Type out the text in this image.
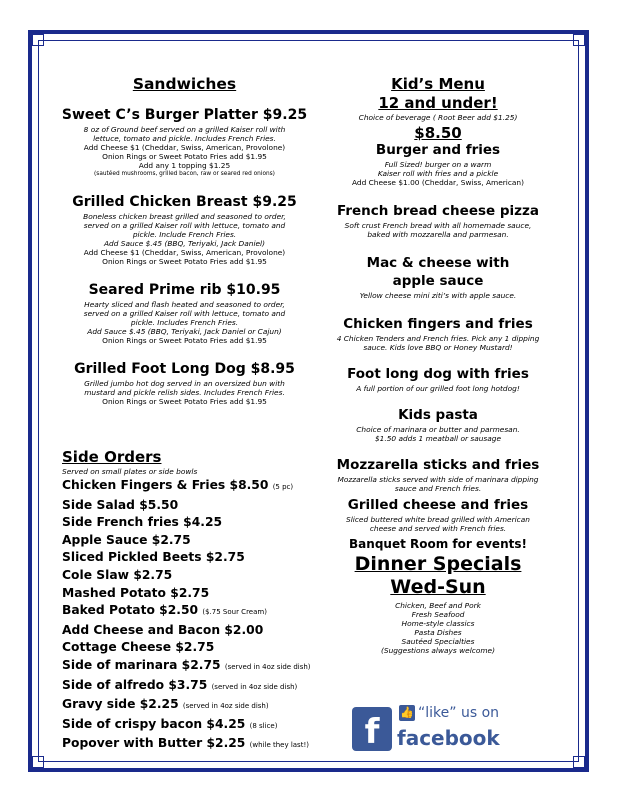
Sandwiches
Sweet C’s Burger Platter $9.25

8 oz of Ground beef served on a grilled Kaiser roll with

lettuce, tomato and pickle. Includes French Fries.

Add Cheese $1 (Cheddar, Swiss, American, Provolone)

Onion Rings or Sweet Potato Fries add $1.95

Add any 1 topping $1.25

(sautéed mushrooms, grilled bacon, raw or seared red onions)

Grilled Chicken Breast $9.25

Boneless chicken breast grilled and seasoned to order,

served on a grilled Kaiser roll with lettuce, tomato and

pickle. Include French Fries.

Add Sauce $.45 (BBQ, Teriyaki, Jack Daniel)

Add Cheese $1 (Cheddar, Swiss, American, Provolone)

Onion Rings or Sweet Potato Fries add $1.95

Seared Prime rib $10.95

Hearty sliced and flash heated and seasoned to order,

served on a grilled Kaiser roll with lettuce, tomato and

pickle. Includes French Fries.

Add Sauce $.45 (BBQ, Teriyaki, Jack Daniel or Cajun)

Onion Rings or Sweet Potato Fries add $1.95

Grilled Foot Long Dog $8.95

Grilled jumbo hot dog served in an oversized bun with

mustard and pickle relish sides. Includes French Fries.

Onion Rings or Sweet Potato Fries add $1.95

Side Orders
Served on small plates or side bowls
Chicken Fingers & Fries $8.50 (5 pc)
Side Salad $5.50
Side French fries $4.25
Apple Sauce $2.75
Sliced Pickled Beets $2.75
Cole Slaw $2.75
Mashed Potato $2.75
Baked Potato $2.50 ($.75 Sour Cream)
Add Cheese and Bacon $2.00
Cottage Cheese $2.75
Side of marinara $2.75 (served in 4oz side dish)
Side of alfredo $3.75 (served in 4oz side dish)
Gravy side $2.25 (served in 4oz side dish)
Side of crispy bacon $4.25 (8 slice)
Popover with Butter $2.25 (while they last!)
Kid’s Menu
12 and under!

Choice of beverage ( Root Beer add $1.25)

$8.50
Burger and fries

Full Sized! burger on a warm

Kaiser roll with fries and a pickle

Add Cheese $1.00 (Cheddar, Swiss, American)

French bread cheese pizza

Soft crust French bread with all homemade sauce,

baked with mozzarella and parmesan.

Mac & cheese with
apple sauce

Yellow cheese mini ziti’s with apple sauce.

Chicken fingers and fries

4 Chicken Tenders and French fries. Pick any 1 dipping

sauce. Kids love BBQ or Honey Mustard!

Foot long dog with fries

A full portion of our grilled foot long hotdog!

Kids pasta

Choice of marinara or butter and parmesan.

$1.50 adds 1 meatball or sausage

Mozzarella sticks and fries

Mozzarella sticks served with side of marinara dipping

sauce and French fries.

Grilled cheese and fries

Sliced buttered white bread grilled with American

cheese and served with French fries.

Banquet Room for events!
Dinner Specials
Wed-Sun

Chicken, Beef and Pork

Fresh Seafood

Home-style classics

Pasta Dishes

Sautéed Specialties

(Suggestions always welcome)

f	👍 “like” us on
facebook
